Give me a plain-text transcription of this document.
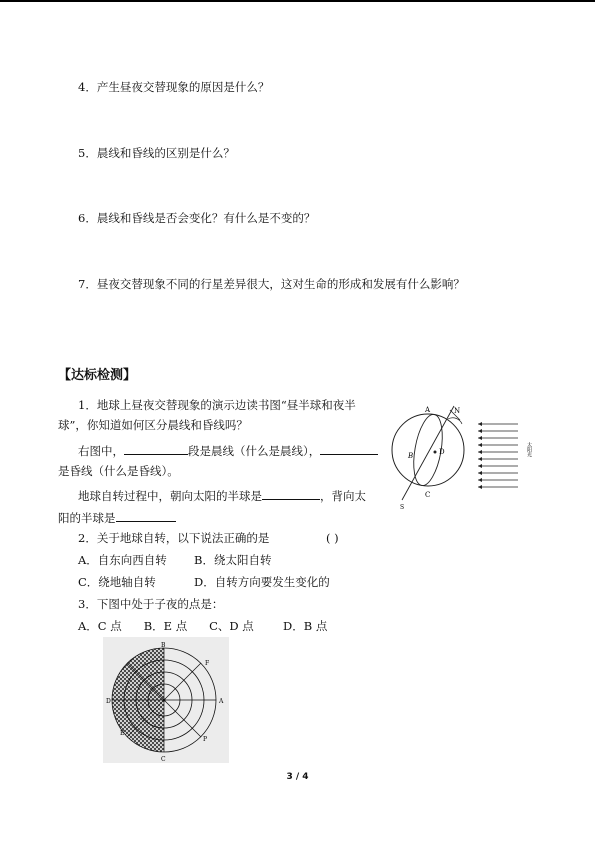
4．产生昼夜交替现象的原因是什么？
5．晨线和昏线的区别是什么？
6．晨线和昏线是否会变化？有什么是不变的？
7．昼夜交替现象不同的行星差异很大，这对生命的形成和发展有什么影响？
【达标检测】
1．地球上昼夜交替现象的演示边读书图“昼半球和夜半
球”，你知道如何区分晨线和昏线吗？
右图中，	段是晨线（什么是晨线），
是昏线（什么是昏线）。
地球自转过程中，朝向太阳的半球是	，背向太
阳的半球是
2．关于地球自转，以下说法正确的是	( )
A．自东向西自转 B．绕太阳自转
C．绕地轴自转	D．自转方向要发生变化的
3．下图中处于子夜的点是：
A．C 点      B．E 点      C、D 点        D．B 点
A	N
B	D
C
S
太阳光
F
A
D
E
B
C
P
3 / 4
